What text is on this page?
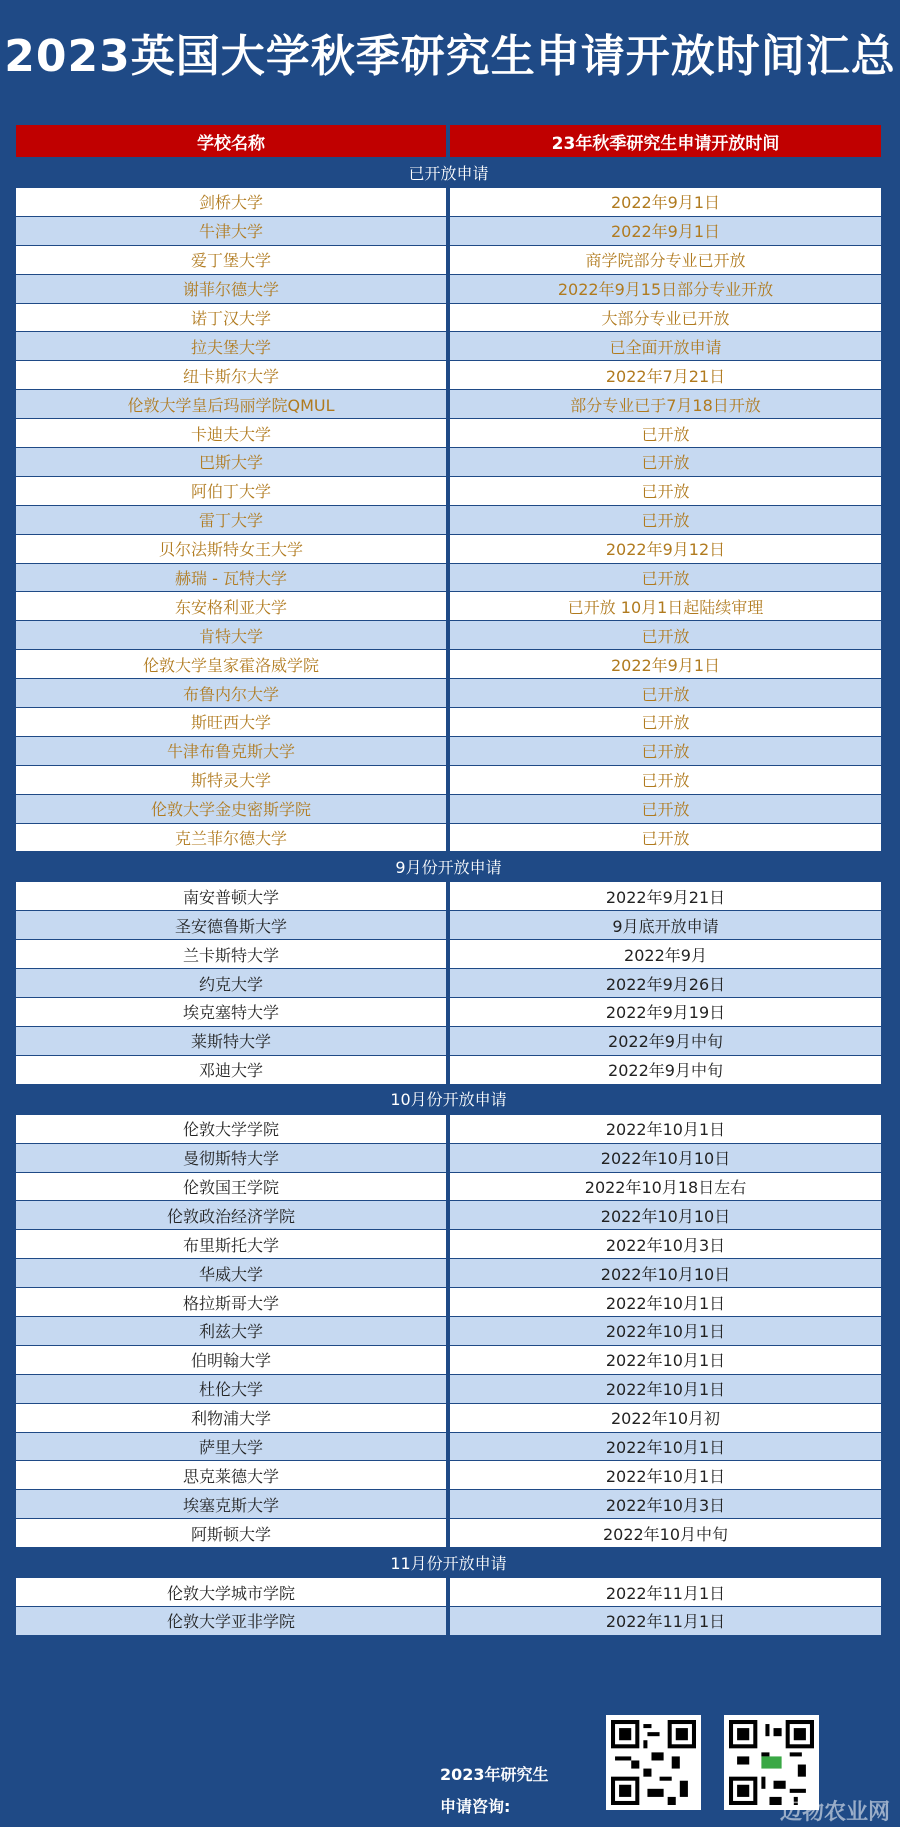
2023英国大学秋季研究生申请开放时间汇总
学校名称	23年秋季研究生申请开放时间
已开放申请
剑桥大学	2022年9月1日
牛津大学	2022年9月1日
爱丁堡大学	商学院部分专业已开放
谢菲尔德大学	2022年9月15日部分专业开放
诺丁汉大学	大部分专业已开放
拉夫堡大学	已全面开放申请
纽卡斯尔大学	2022年7月21日
伦敦大学皇后玛丽学院QMUL	部分专业已于7月18日开放
卡迪夫大学	已开放
巴斯大学	已开放
阿伯丁大学	已开放
雷丁大学	已开放
贝尔法斯特女王大学	2022年9月12日
赫瑞 - 瓦特大学	已开放
东安格利亚大学	已开放 10月1日起陆续审理
肯特大学	已开放
伦敦大学皇家霍洛威学院	2022年9月1日
布鲁内尔大学	已开放
斯旺西大学	已开放
牛津布鲁克斯大学	已开放
斯特灵大学	已开放
伦敦大学金史密斯学院	已开放
克兰菲尔德大学	已开放
9月份开放申请
南安普顿大学	2022年9月21日
圣安德鲁斯大学	9月底开放申请
兰卡斯特大学	2022年9月
约克大学	2022年9月26日
埃克塞特大学	2022年9月19日
莱斯特大学	2022年9月中旬
邓迪大学	2022年9月中旬
10月份开放申请
伦敦大学学院	2022年10月1日
曼彻斯特大学	2022年10月10日
伦敦国王学院	2022年10月18日左右
伦敦政治经济学院	2022年10月10日
布里斯托大学	2022年10月3日
华威大学	2022年10月10日
格拉斯哥大学	2022年10月1日
利兹大学	2022年10月1日
伯明翰大学	2022年10月1日
杜伦大学	2022年10月1日
利物浦大学	2022年10月初
萨里大学	2022年10月1日
思克莱德大学	2022年10月1日
埃塞克斯大学	2022年10月3日
阿斯顿大学	2022年10月中旬
11月份开放申请
伦敦大学城市学院	2022年11月1日
伦敦大学亚非学院	2022年11月1日
2023年研究生
申请咨询:	迈物农业网
